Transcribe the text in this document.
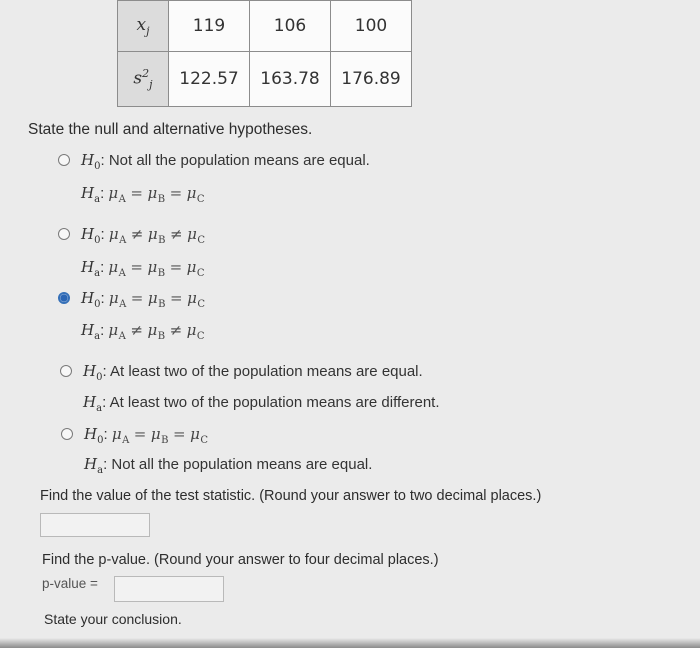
$x_j$	119	106	100
$s^2_j$	122.57	163.78	176.89
State the null and alternative hypotheses.
$H_0$: Not all the population means are equal.
$H_a$: $\mu_A = \mu_B = \mu_C$
$H_0$: $\mu_A \ne \mu_B \ne \mu_C$
$H_a$: $\mu_A = \mu_B = \mu_C$
$H_0$: $\mu_A = \mu_B = \mu_C$
$H_a$: $\mu_A \ne \mu_B \ne \mu_C$
$H_0$: At least two of the population means are equal.
$H_a$: At least two of the population means are different.
$H_0$: $\mu_A = \mu_B = \mu_C$
$H_a$: Not all the population means are equal.
Find the value of the test statistic. (Round your answer to two decimal places.)
Find the p-value. (Round your answer to four decimal places.)
p-value =
State your conclusion.
